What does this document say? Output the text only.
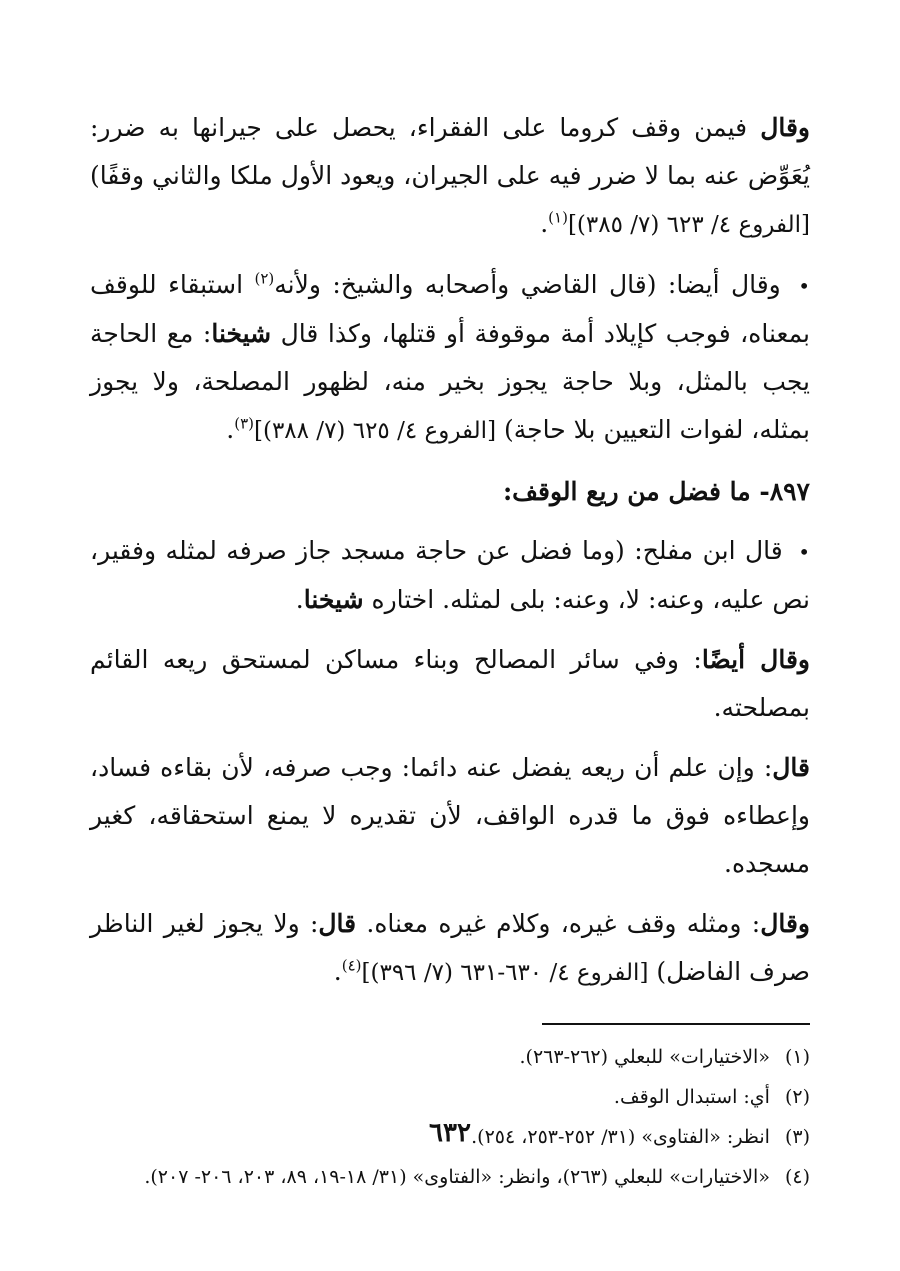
وقال فيمن وقف كروما على الفقراء، يحصل على جيرانها به ضرر: يُعَوِّض عنه بما لا ضرر فيه على الجيران، ويعود الأول ملكا والثاني وقفًا) [الفروع ٤/ ٦٢٣ (٧/ ٣٨٥)]$^{(١)}$.

• وقال أيضا: (قال القاضي وأصحابه والشيخ: ولأنه$^{(٢)}$ استبقاء للوقف بمعناه، فوجب كإيلاد أمة موقوفة أو قتلها، وكذا قال شيخنا: مع الحاجة يجب بالمثل، وبلا حاجة يجوز بخير منه، لظهور المصلحة، ولا يجوز بمثله، لفوات التعيين بلا حاجة) [الفروع ٤/ ٦٢٥ (٧/ ٣٨٨)]$^{(٣)}$.

٨٩٧- ما فضل من ريع الوقف:

• قال ابن مفلح: (وما فضل عن حاجة مسجد جاز صرفه لمثله وفقير، نص عليه، وعنه: لا، وعنه: بلى لمثله. اختاره شيخنا.

وقال أيضًا: وفي سائر المصالح وبناء مساكن لمستحق ريعه القائم بمصلحته.

قال: وإن علم أن ريعه يفضل عنه دائما: وجب صرفه، لأن بقاءه فساد، وإعطاءه فوق ما قدره الواقف، لأن تقديره لا يمنع استحقاقه، كغير مسجده.

وقال: ومثله وقف غيره، وكلام غيره معناه. قال: ولا يجوز لغير الناظر صرف الفاضل) [الفروع ٤/ ٦٣٠-٦٣١ (٧/ ٣٩٦)]$^{(٤)}$.

(١) «الاختيارات» للبعلي (٢٦٢-٢٦٣).

(٢) أي: استبدال الوقف.

(٣) انظر: «الفتاوى» (٣١/ ٢٥٢-٢٥٣، ٢٥٤).

(٤) «الاختيارات» للبعلي (٢٦٣)، وانظر: «الفتاوى» (٣١/ ١٨-١٩، ٨٩، ٢٠٣، ٢٠٦- ٢٠٧).

٦٣٢
